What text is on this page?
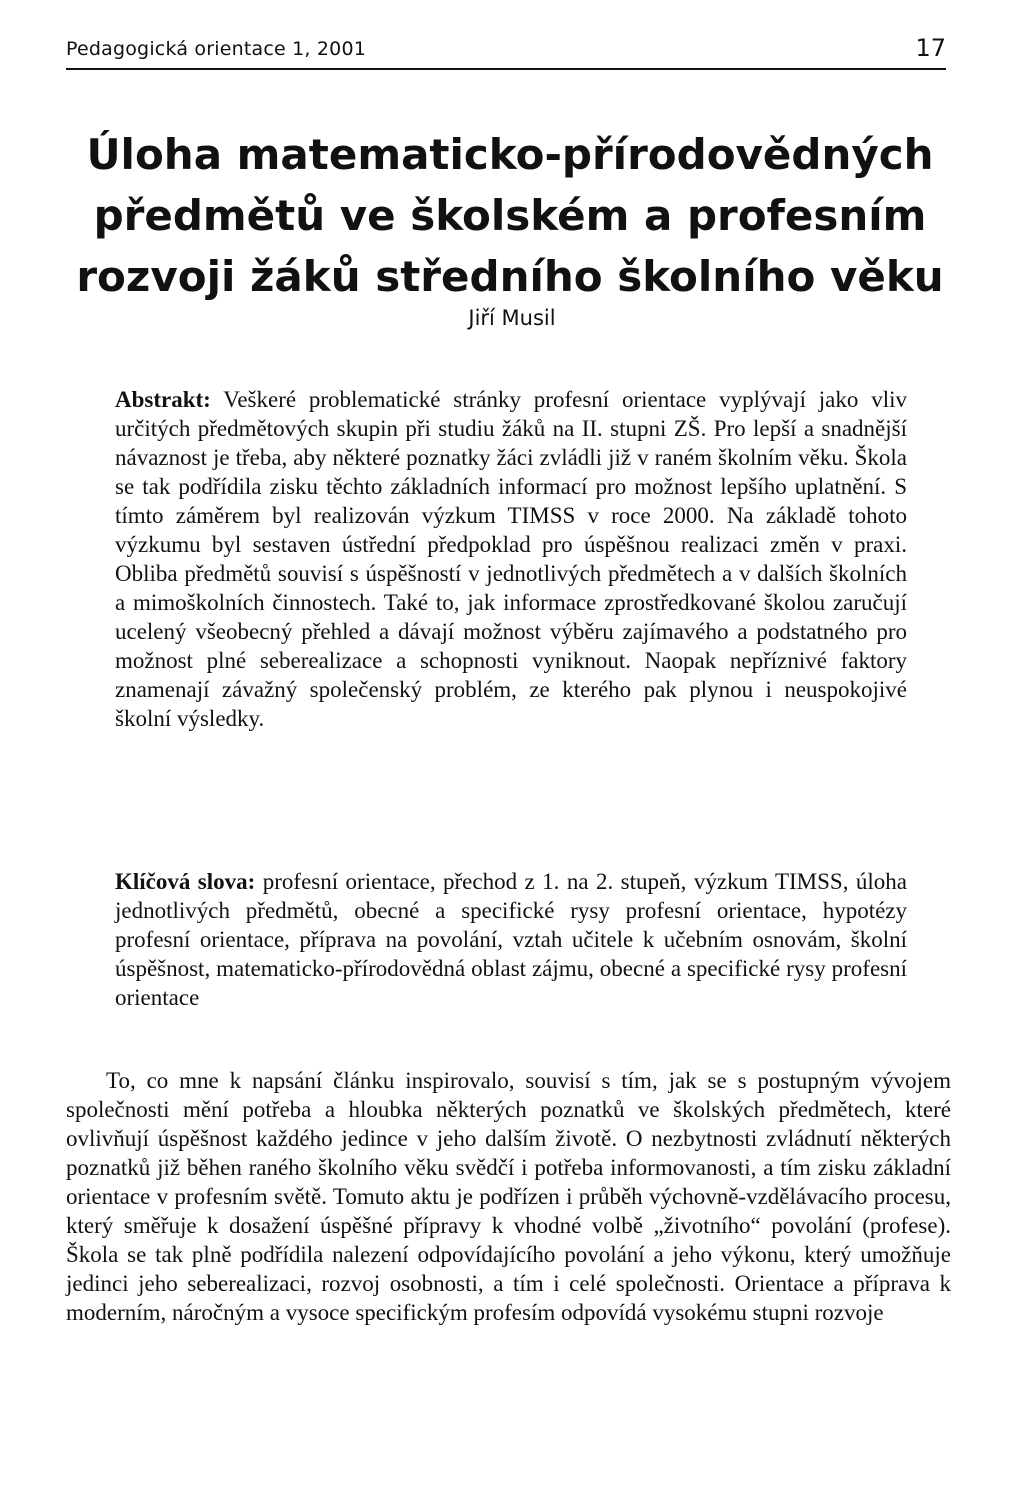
Pedagogická orientace 1, 2001	17
Úloha matematicko-přírodovědných předmětů ve školském a profesním rozvoji žáků středního školního věku
Jiří Musil

Abstrakt: Veškeré problematické stránky profesní orientace vyplývají jako vliv určitých předmětových skupin při studiu žáků na II. stupni ZŠ. Pro lepší a snadnější návaznost je třeba, aby některé poznatky žáci zvládli již v raném školním věku. Škola se tak podřídila zisku těchto základních informací pro možnost lepšího uplatnění. S tímto záměrem byl realizován výzkum TIMSS v roce 2000. Na základě tohoto výzkumu byl sestaven ústřední předpoklad pro úspěšnou realizaci změn v praxi. Obliba předmětů souvisí s úspěšností v jednotlivých předmětech a v dalších školních a mimoškolních činnostech. Také to, jak informace zprostředkované školou zaručují ucelený všeobecný přehled a dávají možnost výběru zajímavého a podstatného pro možnost plné seberealizace a schopnosti vyniknout. Naopak nepříznivé faktory znamenají závažný společenský problém, ze kterého pak plynou i neuspokojivé školní výsledky.

Klíčová slova: profesní orientace, přechod z 1. na 2. stupeň, výzkum TIMSS, úloha jednotlivých předmětů, obecné a specifické rysy profesní orientace, hypotézy profesní orientace, příprava na povolání, vztah učitele k učebním osnovám, školní úspěšnost, matematicko-přírodovědná oblast zájmu, obecné a specifické rysy profesní orientace

To, co mne k napsání článku inspirovalo, souvisí s tím, jak se s postupným vývojem společnosti mění potřeba a hloubka některých poznatků ve školských předmětech, které ovlivňují úspěšnost každého jedince v jeho dalším životě. O nezbytnosti zvládnutí některých poznatků již běhen raného školního věku svědčí i potřeba informovanosti, a tím zisku základní orientace v profesním světě. Tomuto aktu je podřízen i průběh výchovně-vzdělávacího procesu, který směřuje k dosažení úspěšné přípravy k vhodné volbě „životního“ povolání (profese). Škola se tak plně podřídila nalezení odpovídajícího povolání a jeho výkonu, který umožňuje jedinci jeho seberealizaci, rozvoj osobnosti, a tím i celé společnosti. Orientace a příprava k moderním, náročným a vysoce specifickým profesím odpovídá vysokému stupni rozvoje
